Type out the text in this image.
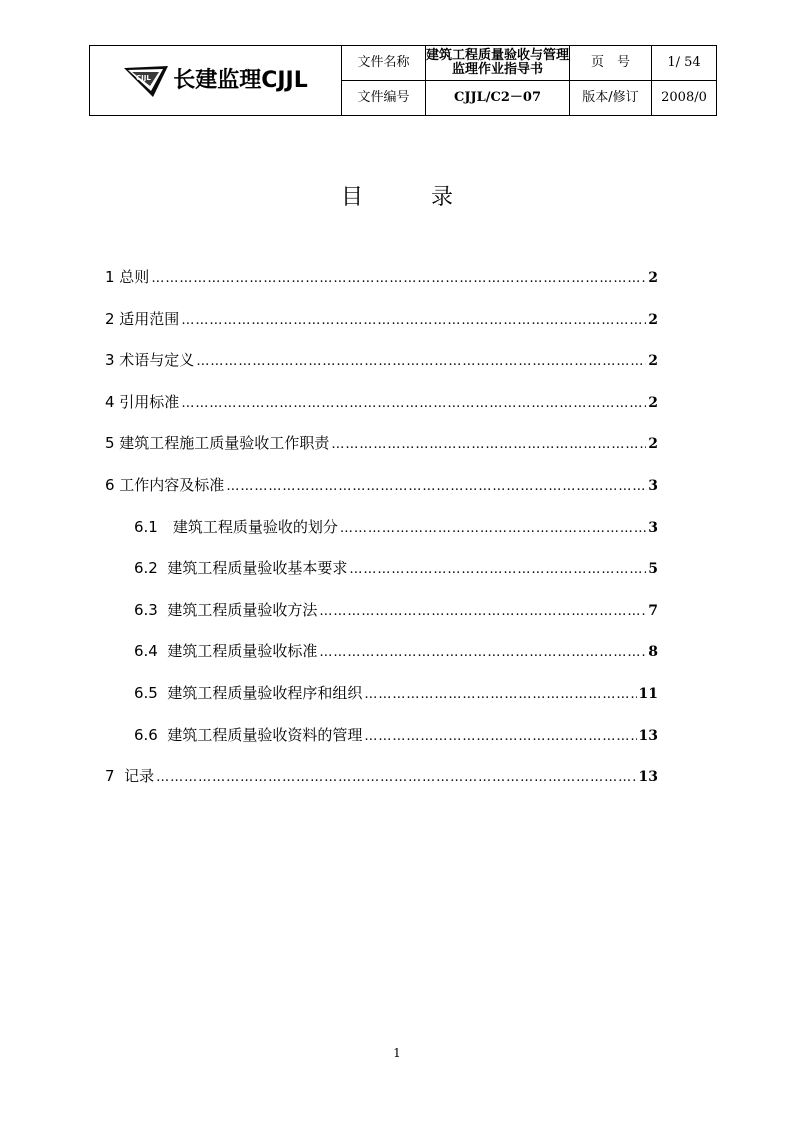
CJJL 长建监理CJJL	文件名称	建筑工程质量验收与管理监理作业指导书	页　号	1/ 54
	文件编号	CJJL/C2－07	版本/修订	2008/0
目	录
1 总则 ………………………………………………………………………………………………………………………………………………………………	2
2 适用范围 ………………………………………………………………………………………………………………………………………………………………	2
3 术语与定义 ………………………………………………………………………………………………………………………………………………………………	2
4 引用标准 ………………………………………………………………………………………………………………………………………………………………	2
5 建筑工程施工质量验收工作职责 ………………………………………………………………………………………………………………………………………………………………	2
6 工作内容及标准 ………………………………………………………………………………………………………………………………………………………………	3
6.1　建筑工程质量验收的划分 ………………………………………………………………………………………………………………………………………………………………	3
6.2  建筑工程质量验收基本要求 ………………………………………………………………………………………………………………………………………………………………	5
6.3  建筑工程质量验收方法 ………………………………………………………………………………………………………………………………………………………………	7
6.4  建筑工程质量验收标准 ………………………………………………………………………………………………………………………………………………………………	8
6.5  建筑工程质量验收程序和组织 ………………………………………………………………………………………………………………………………………………………………	11
6.6  建筑工程质量验收资料的管理 ………………………………………………………………………………………………………………………………………………………………	13
7  记录 ………………………………………………………………………………………………………………………………………………………………	13
1
